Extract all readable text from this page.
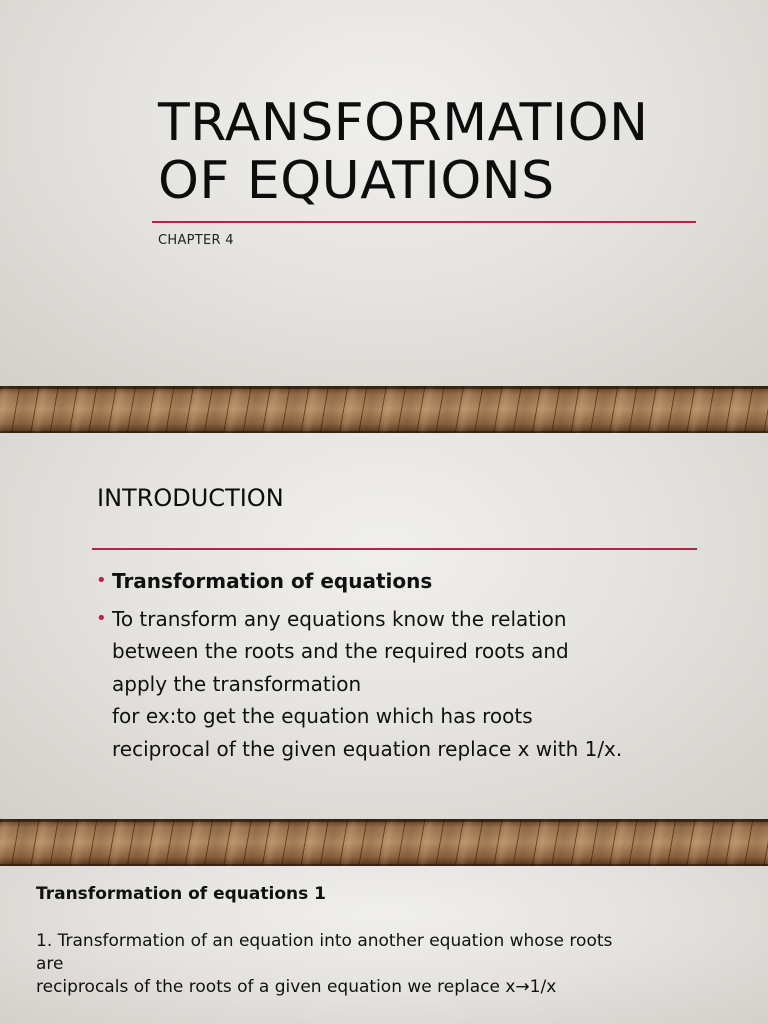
TRANSFORMATION
OF EQUATIONS
CHAPTER 4
INTRODUCTION
• Transformation of equations
• To transform any equations know the relation
between the roots and the required roots and
apply the transformation
for ex:to get the equation which has roots
reciprocal of the given equation replace x with 1/x.
Transformation of equations 1

1. Transformation of an equation into another equation whose roots
are
reciprocals of the roots of a given equation we replace x→1/x
